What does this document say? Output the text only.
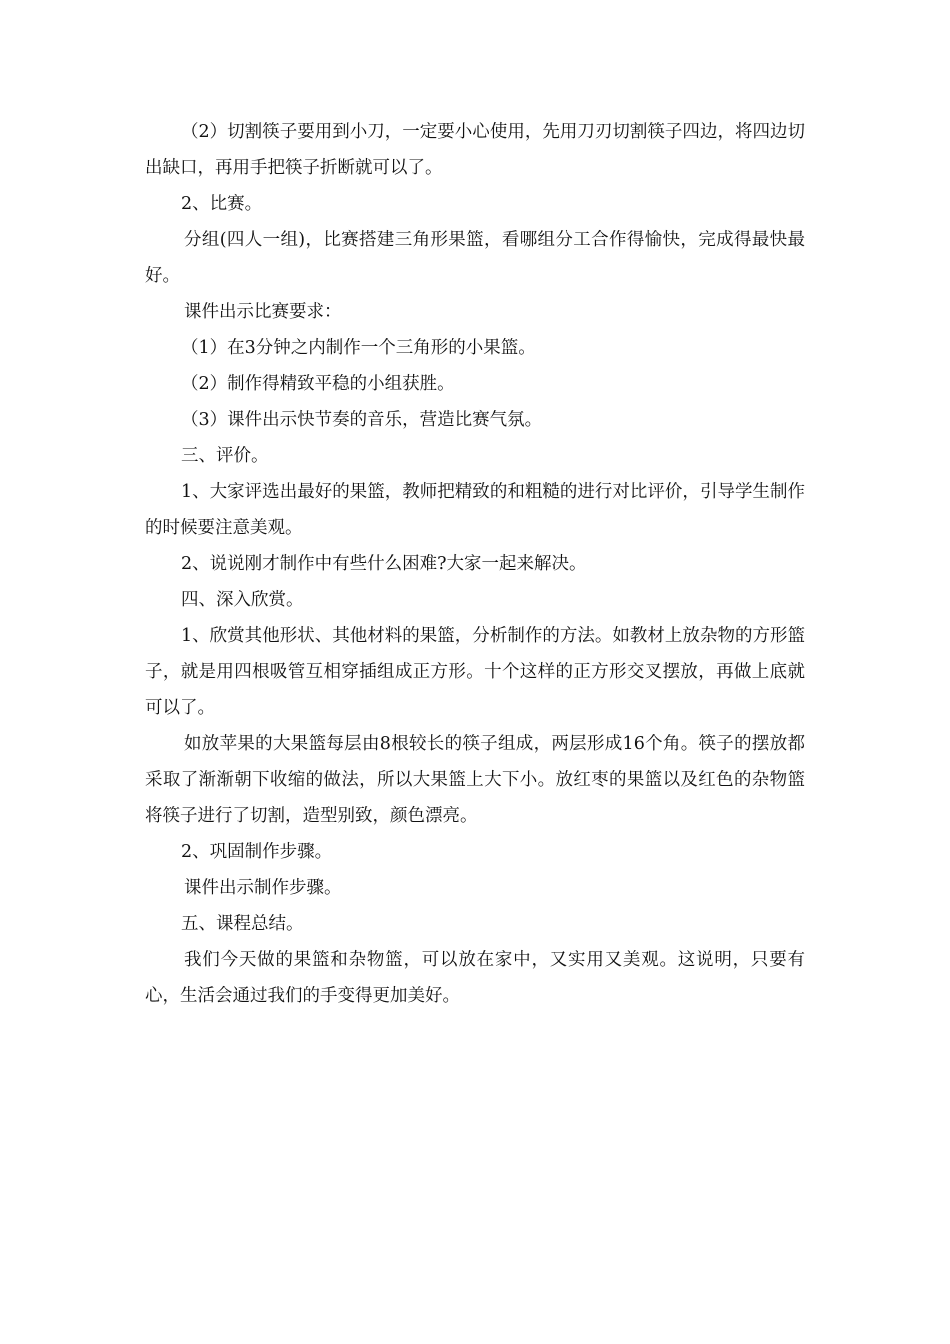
（2）切割筷子要用到小刀，一定要小心使用，先用刀刃切割筷子四边，将四边切出缺口，再用手把筷子折断就可以了。

2、比赛。

分组(四人一组)，比赛搭建三角形果篮，看哪组分工合作得愉快，完成得最快最好。

课件出示比赛要求：

（1）在3分钟之内制作一个三角形的小果篮。

（2）制作得精致平稳的小组获胜。

（3）课件出示快节奏的音乐，营造比赛气氛。

三、评价。

1、大家评选出最好的果篮，教师把精致的和粗糙的进行对比评价，引导学生制作的时候要注意美观。

2、说说刚才制作中有些什么困难?大家一起来解决。

四、深入欣赏。

1、欣赏其他形状、其他材料的果篮，分析制作的方法。如教材上放杂物的方形篮子，就是用四根吸管互相穿插组成正方形。十个这样的正方形交叉摆放，再做上底就可以了。

如放苹果的大果篮每层由8根较长的筷子组成，两层形成16个角。筷子的摆放都采取了渐渐朝下收缩的做法，所以大果篮上大下小。放红枣的果篮以及红色的杂物篮将筷子进行了切割，造型别致，颜色漂亮。

2、巩固制作步骤。

课件出示制作步骤。

五、课程总结。

我们今天做的果篮和杂物篮，可以放在家中，又实用又美观。这说明，只要有心，生活会通过我们的手变得更加美好。
